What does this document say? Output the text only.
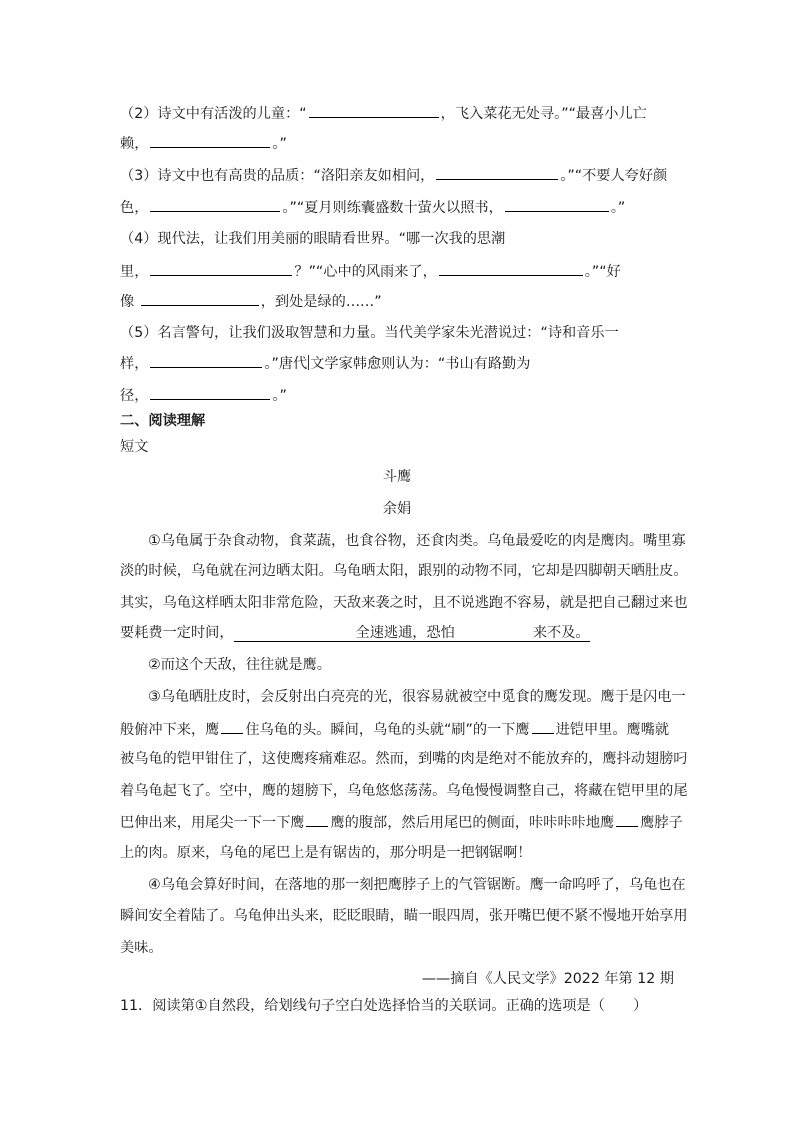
（2）诗文中有活泼的儿童：“	，飞入菜花无处寻。”“最喜小儿亡
赖，	。”
（3）诗文中也有高贵的品质：“洛阳亲友如相问，	。”“不要人夸好颜
色，	。”“夏月则练囊盛数十萤火以照书，	。”
（4）现代法，让我们用美丽的眼睛看世界。“哪一次我的思潮
里，	？”“心中的风雨来了，	。”“好
像	，到处是绿的……”
（5）名言警句，让我们汲取智慧和力量。当代美学家朱光潜说过：“诗和音乐一
样，	。”唐代 文学家韩愈则认为：“书山有路勤为
径，	。”
二、阅读理解
短文
斗鹰
余娟
①乌龟属于杂食动物，食菜蔬，也食谷物，还食肉类。乌龟最爱吃的肉是鹰肉。嘴里寡
淡的时候，乌龟就在河边晒太阳。乌龟晒太阳，跟别的动物不同，它却是四脚朝天晒肚皮。
其实，乌龟这样晒太阳非常危险，天敌来袭之时，且不说逃跑不容易，就是把自己翻过来也
要耗费一定时间，	全速逃逋，恐怕	来不及。
②而这个天敌，往往就是鹰。
③乌龟晒肚皮时，会反射出白亮亮的光，很容易就被空中觅食的鹰发现。鹰于是闪电一
般俯冲下来，鹰 住乌龟的头。瞬间，乌龟的头就“刷”的一下鹰 进铠甲里。鹰嘴就
被乌龟的铠甲钳住了，这使鹰疼痛难忍。然而，到嘴的肉是绝对不能放弃的，鹰抖动翅膀叼
着乌龟起飞了。空中，鹰的翅膀下，乌龟悠悠荡荡。乌龟慢慢调整自己，将藏在铠甲里的尾
巴伸出来，用尾尖一下一下鹰 鹰的腹部，然后用尾巴的侧面，咔咔咔咔地鹰 鹰脖子
上的肉。原来，乌龟的尾巴上是有锯齿的，那分明是一把钢锯啊！
④乌龟会算好时间，在落地的那一刻把鹰脖子上的气管锯断。鹰一命呜呼了，乌龟也在
瞬间安全着陆了。乌龟伸出头来，眨眨眼睛，瞄一眼四周，张开嘴巴便不紧不慢地开始享用
美味。
——摘自《人民文学》2022 年第 12 期
11．阅读第①自然段，给划线句子空白处选择恰当的关联词。正确的选项是（　　）
